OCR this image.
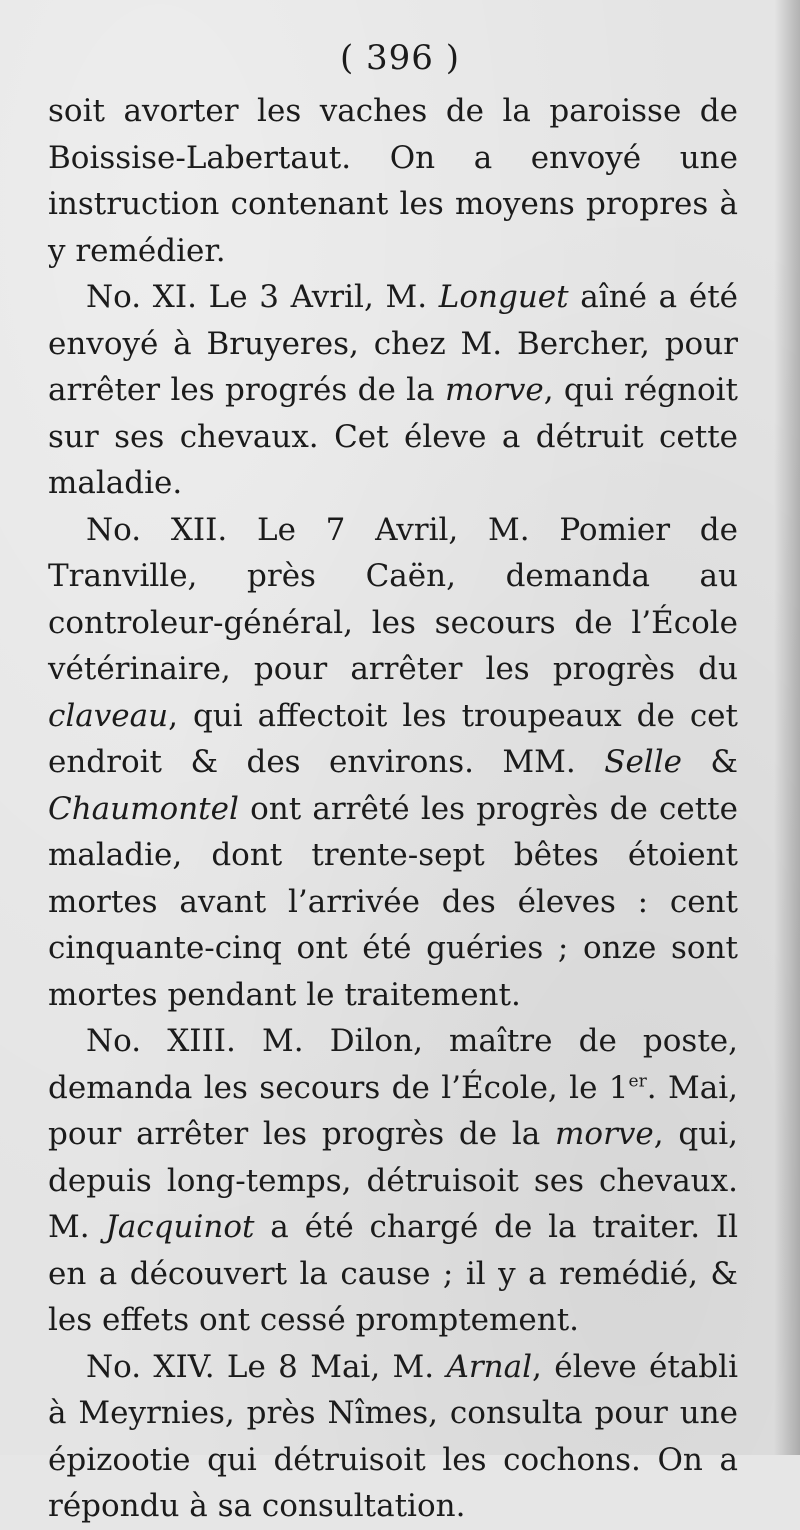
( 396 )

soit avorter les vaches de la paroisse de Boissise-Labertaut. On a envoyé une instruction contenant les moyens propres à y remédier.

No. XI. Le 3 Avril, M. Longuet aîné a été envoyé à Bruyeres, chez M. Bercher, pour arrêter les progrés de la morve, qui régnoit sur ses chevaux. Cet éleve a détruit cette maladie.

No. XII. Le 7 Avril, M. Pomier de Tranville, près Caën, demanda au controleur-général, les secours de l’École vétérinaire, pour arrêter les progrès du claveau, qui affectoit les troupeaux de cet endroit & des environs. MM. Selle & Chaumontel ont arrêté les progrès de cette maladie, dont trente-sept bêtes étoient mortes avant l’arrivée des éleves : cent cinquante-cinq ont été guéries ; onze sont mortes pendant le traitement.

No. XIII. M. Dilon, maître de poste, demanda les secours de l’École, le 1er. Mai, pour arrêter les progrès de la morve, qui, depuis long-temps, détruisoit ses chevaux. M. Jacquinot a été chargé de la traiter. Il en a découvert la cause ; il y a remédié, & les effets ont cessé promptement.

No. XIV. Le 8 Mai, M. Arnal, éleve établi à Meyrnies, près Nîmes, consulta pour une épizootie qui détruisoit les cochons. On a répondu à sa consultation.
